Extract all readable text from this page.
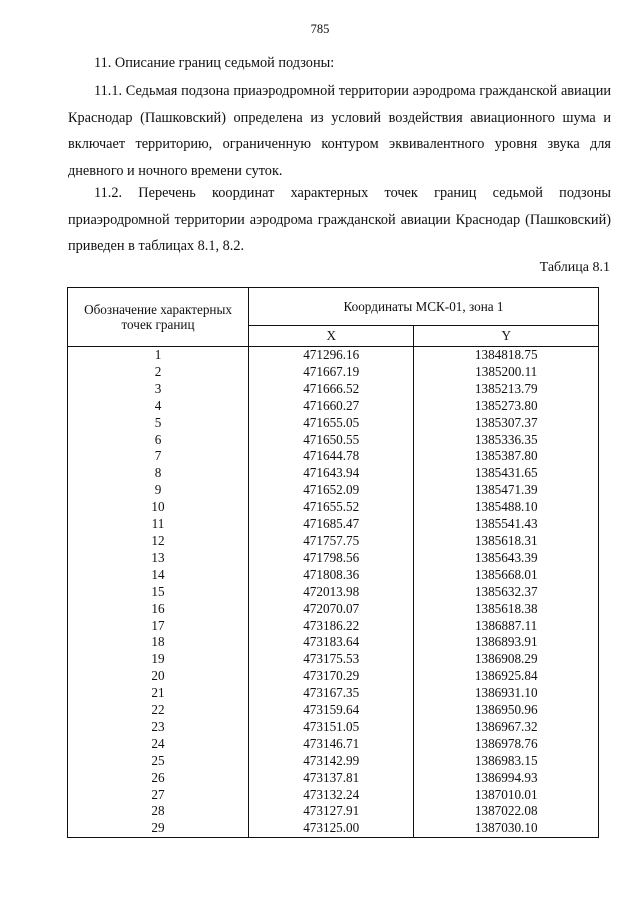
785
11. Описание границ седьмой подзоны:

11.1. Седьмая подзона приаэродромной территории аэродрома гражданской авиации Краснодар (Пашковский) определена из условий воздействия авиационного шума и включает территорию, ограниченную контуром эквивалентного уровня звука для дневного и ночного времени суток.

11.2. Перечень координат характерных точек границ седьмой подзоны приаэродромной территории аэродрома гражданской авиации Краснодар (Пашковский) приведен в таблицах 8.1, 8.2.

Таблица 8.1
Обозначение характерных точек границ	Координаты МСК-01, зона 1	
	X	Y
1	471296.16	1384818.75
2	471667.19	1385200.11
3	471666.52	1385213.79
4	471660.27	1385273.80
5	471655.05	1385307.37
6	471650.55	1385336.35
7	471644.78	1385387.80
8	471643.94	1385431.65
9	471652.09	1385471.39
10	471655.52	1385488.10
11	471685.47	1385541.43
12	471757.75	1385618.31
13	471798.56	1385643.39
14	471808.36	1385668.01
15	472013.98	1385632.37
16	472070.07	1385618.38
17	473186.22	1386887.11
18	473183.64	1386893.91
19	473175.53	1386908.29
20	473170.29	1386925.84
21	473167.35	1386931.10
22	473159.64	1386950.96
23	473151.05	1386967.32
24	473146.71	1386978.76
25	473142.99	1386983.15
26	473137.81	1386994.93
27	473132.24	1387010.01
28	473127.91	1387022.08
29	473125.00	1387030.10
